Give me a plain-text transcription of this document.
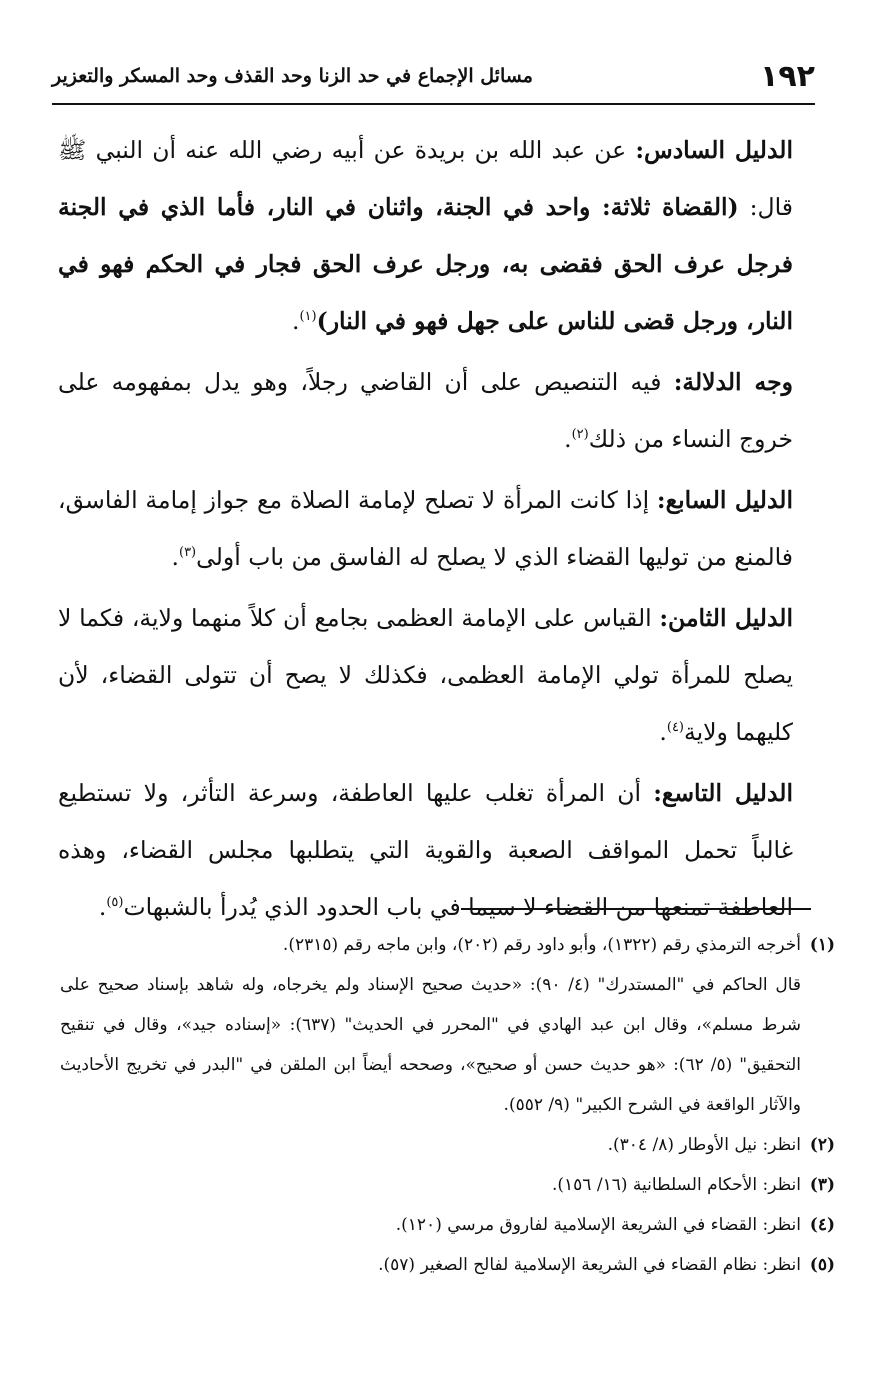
١٩٢
مسائل الإجماع في حد الزنا وحد القذف وحد المسكر والتعزير

الدليل السادس: عن عبد الله بن بريدة عن أبيه رضي الله عنه أن النبي ﷺ قال: (القضاة ثلاثة: واحد في الجنة، واثنان في النار، فأما الذي في الجنة فرجل عرف الحق فقضى به، ورجل عرف الحق فجار في الحكم فهو في النار، ورجل قضى للناس على جهل فهو في النار)$^{(١)}$.

وجه الدلالة: فيه التنصيص على أن القاضي رجلاً، وهو يدل بمفهومه على خروج النساء من ذلك$^{(٢)}$.

الدليل السابع: إذا كانت المرأة لا تصلح لإمامة الصلاة مع جواز إمامة الفاسق، فالمنع من توليها القضاء الذي لا يصلح له الفاسق من باب أولى$^{(٣)}$.

الدليل الثامن: القياس على الإمامة العظمى بجامع أن كلاً منهما ولاية، فكما لا يصلح للمرأة تولي الإمامة العظمى، فكذلك لا يصح أن تتولى القضاء، لأن كليهما ولاية$^{(٤)}$.

الدليل التاسع: أن المرأة تغلب عليها العاطفة، وسرعة التأثر، ولا تستطيع غالباً تحمل المواقف الصعبة والقوية التي يتطلبها مجلس القضاء، وهذه العاطفة تمنعها من القضاء لا سيما في باب الحدود الذي يُدرأ بالشبهات$^{(٥)}$.

(١)
أخرجه الترمذي رقم (١٣٢٢)، وأبو داود رقم (٢٠٢)، وابن ماجه رقم (٢٣١٥).
قال الحاكم في "المستدرك" (٤/ ٩٠): «حديث صحيح الإسناد ولم يخرجاه، وله شاهد بإسناد صحيح على شرط مسلم»، وقال ابن عبد الهادي في "المحرر في الحديث" (٦٣٧): «إسناده جيد»، وقال في تنقيح التحقيق" (٥/ ٦٢): «هو حديث حسن أو صحيح»، وصححه أيضاً ابن الملقن في "البدر في تخريج الأحاديث والآثار الواقعة في الشرح الكبير" (٩/ ٥٥٢).
(٢)
انظر: نيل الأوطار (٨/ ٣٠٤).
(٣)
انظر: الأحكام السلطانية (١٦/ ١٥٦).
(٤)
انظر: القضاء في الشريعة الإسلامية لفاروق مرسي (١٢٠).
(٥)
انظر: نظام القضاء في الشريعة الإسلامية لفالح الصغير (٥٧).
